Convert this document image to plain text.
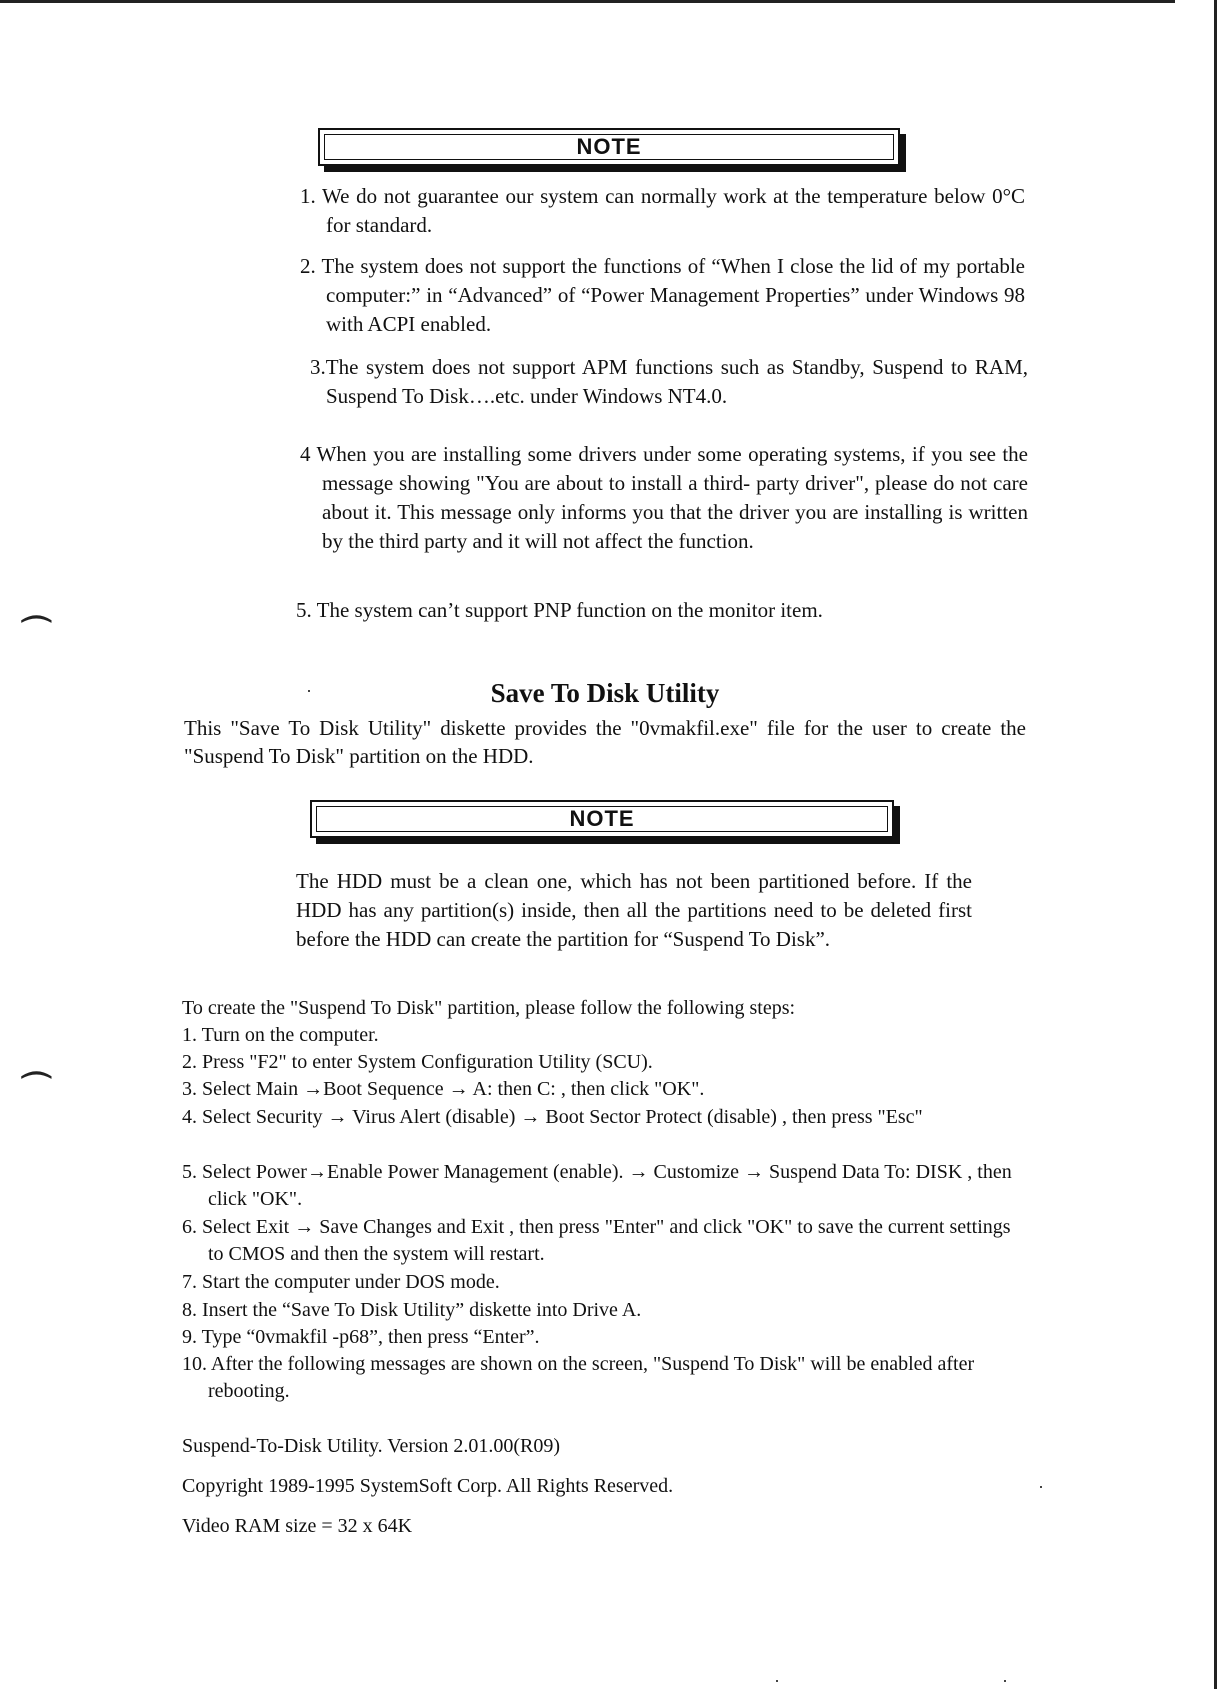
(
(
NOTE

1. We do not guarantee our system can normally work at the temperature below 0°C for standard.

2. The system does not support the functions of “When I close the lid of my portable computer:” in “Advanced” of “Power Management Properties” under Windows 98 with ACPI enabled.

3.The system does not support APM functions such as Standby, Suspend to RAM, Suspend To Disk….etc. under Windows NT4.0.

4 When you are installing some drivers under some operating systems, if you see the message showing "You are about to install a third- party driver", please do not care about it. This message only informs you that the driver you are installing is written by the third party and it will not affect the function.

5. The system can’t support PNP function on the monitor item.

Save To Disk Utility

This "Save To Disk Utility" diskette provides the "0vmakfil.exe" file for the user to create the "Suspend To Disk" partition on the HDD.

NOTE

The HDD must be a clean one, which has not been partitioned before. If the HDD has any partition(s) inside, then all the partitions need to be deleted first before the HDD can create the partition for “Suspend To Disk”.

To create the "Suspend To Disk" partition, please follow the following steps:

1. Turn on the computer.

2. Press "F2" to enter System Configuration Utility (SCU).

3. Select Main →Boot Sequence → A: then C: , then click "OK".

4. Select Security → Virus Alert (disable) → Boot Sector Protect (disable) , then press "Esc"

5. Select Power→Enable Power Management (enable). → Customize → Suspend Data To: DISK , then click "OK".

6. Select Exit → Save Changes and Exit , then press "Enter" and click "OK" to save the current settings to CMOS and then the system will restart.

7. Start the computer under DOS mode.

8. Insert the “Save To Disk Utility” diskette into Drive A.

9. Type “0vmakfil -p68”, then press “Enter”.

10. After the following messages are shown on the screen, "Suspend To Disk" will be enabled after rebooting.

Suspend-To-Disk Utility. Version 2.01.00(R09)

Copyright 1989-1995 SystemSoft Corp. All Rights Reserved.

Video RAM size = 32 x 64K
